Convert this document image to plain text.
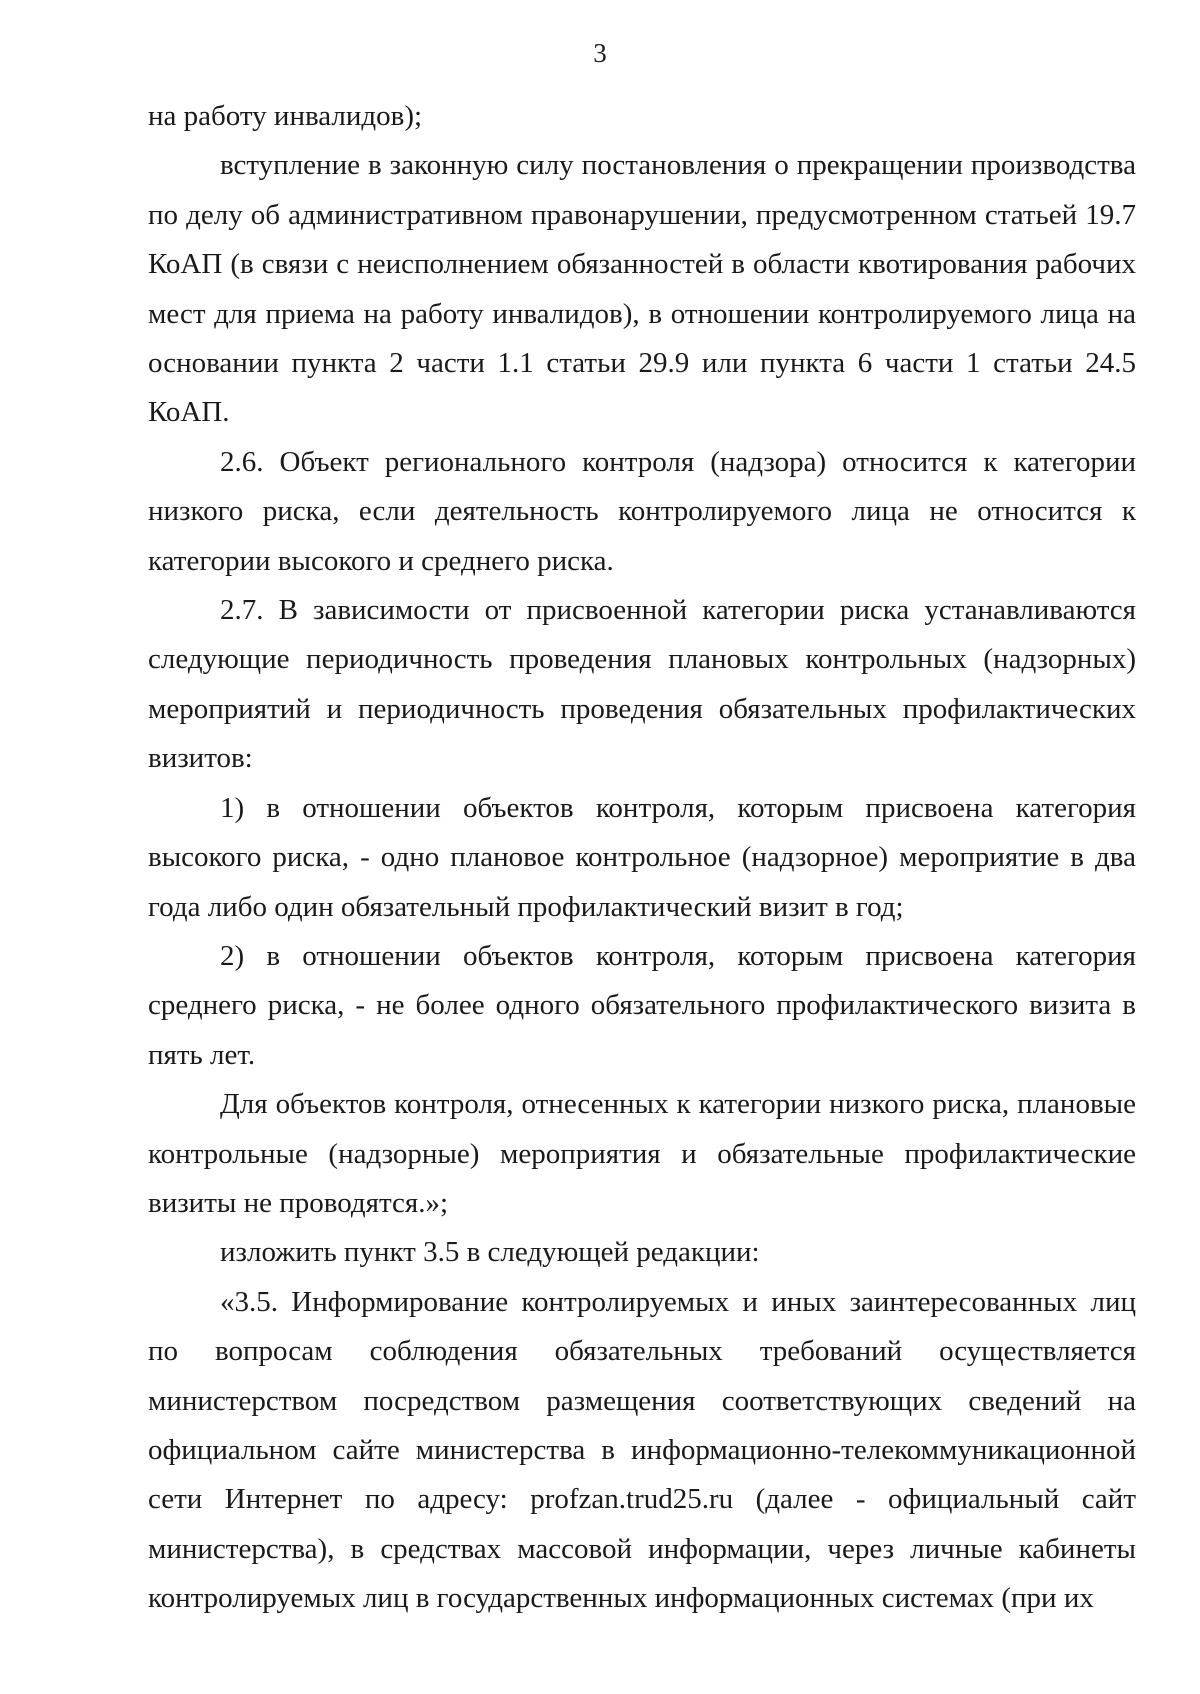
3

на работу инвалидов);

вступление в законную силу постановления о прекращении производства по делу об административном правонарушении, предусмотренном статьей 19.7 КоАП (в связи с неисполнением обязанностей в области квотирования рабочих мест для приема на работу инвалидов), в отношении контролируемого лица на основании пункта 2 части 1.1 статьи 29.9 или пункта 6 части 1 статьи 24.5 КоАП.

2.6. Объект регионального контроля (надзора) относится к категории низкого риска, если деятельность контролируемого лица не относится к категории высокого и среднего риска.

2.7. В зависимости от присвоенной категории риска устанавливаются следующие периодичность проведения плановых контрольных (надзорных) мероприятий и периодичность проведения обязательных профилактических визитов:

1) в отношении объектов контроля, которым присвоена категория высокого риска, - одно плановое контрольное (надзорное) мероприятие в два года либо один обязательный профилактический визит в год;

2) в отношении объектов контроля, которым присвоена категория среднего риска, - не более одного обязательного профилактического визита в пять лет.

Для объектов контроля, отнесенных к категории низкого риска, плановые контрольные (надзорные) мероприятия и обязательные профилактические визиты не проводятся.»;

изложить пункт 3.5 в следующей редакции:

«3.5. Информирование контролируемых и иных заинтересованных лиц по вопросам соблюдения обязательных требований осуществляется министерством посредством размещения соответствующих сведений на официальном сайте министерства в информационно-телекоммуникационной сети Интернет по адресу: profzan.trud25.ru (далее - официальный сайт министерства), в средствах массовой информации, через личные кабинеты контролируемых лиц в государственных информационных системах (при их
